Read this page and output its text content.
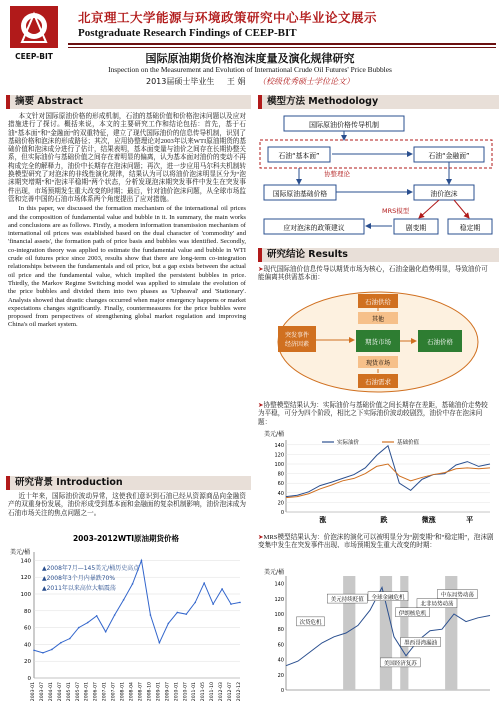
CEEP-BIT
北京理工大学能源与环境政策研究中心毕业论文展示
Postgraduate Research Findings of CEEP-BIT
国际原油期货价格泡沫度量及演化规律研究
Inspection on the Measurement and Evolution of International Crude Oil Futures' Price Bubbles
2013届硕士毕业生 王 娟 （校级优秀硕士学位论文）
摘要 Abstract

本文针对国际原油价格的形成机制，石油的基础价值和价格泡沫问题以及应对措施进行了探讨。概括来说，本文的主要研究工作和结论包括：首先，基于石油“基本面”和“金融面”的双重特征，建立了现代国际油价的信息传导机制，识别了基础价格和泡沫的形成路径；其次，应用协整理论对2003年以来WTI原油期货的基础价值和泡沫成分进行了估计，结果表明，基本面变量与油价之间存在长期协整关系，但实际油价与基础价值之间存在着明显的偏离，认为基本面对油价的变动不再构成完全的解释力，油价中长期存在泡沫问题；再次，进一步应用马尔科夫机制转换模型研究了对泡沫的非线性演化规律，结果认为可以将油价泡沫明显区分为“泡沫期突增期”和“泡沫平稳期”两个状态，分析发现泡沫期突发事件中发生在突发事件出现，市场预期发生重大改变的时期；最后，针对油价泡沫问题，从全球市场监管和完善中国的石油市场体系两个角度提出了应对措施。

In this paper, we discussed the formation mechanism of the international oil prices and the composition of fundamental value and bubble in it. In summary, the main works and conclusions are as follows. Firstly, a modern information transmission mechanism of international oil prices was established based on the dual character of 'commodity' and 'financial assets', the formation path of price basis and bubbles was identified. Secondly, co-integration theory was applied to estimate the fundamental value and bubble in WTI crude oil futures price since 2003, results show that there are long-term co-integration relationships between the fundamentals and oil price, but a gap exists between the actual oil price and the fundamental value, which implied the persistent bubbles in price. Thirdly, the Markov Regime Switching model was applied to simulate the evolution of the price bubbles and divided them into two phases as 'Upheaval' and 'Stationary'. Analysis showed that drastic changes occurred when major emergency happens or market expectations changes significantly. Finally, countermeasures for the price bubbles were proposed from perspectives of strengthening global market regulation and improving China's oil market system.

研究背景 Introduction

近十年来，国际油价波动异常，这使我们意识到石油已经从资源商品向金融资产的双重身份发展，油价形成受到基本面和金融面的复杂机制影响，油价泡沫成为石油市场关注的焦点问题之一。

2003-2012WTI原油期货价格
美元/桶
0
20
40
60
80
100
120
140
▲2008年7月—145美元/桶历史高点
▲2008年3个月内暴跌70%
▲2011年以来高位大幅震荡
2003-01 2003-07 2004-01 2004-07 2005-01 2005-07 2006-01 2006-07 2007-01 2007-07 2008-01 2008-04 2008-07 2008-10 2009-01 2009-07 2010-01 2010-07 2011-01 2011-05 2011-10 2012-03 2012-07 2012-12
模型方法 Methodology
国际原油价格传导机制
石油“基本面”	石油“金融面”
协整理论
国际原油基础价格	油价泡沫
MRS模型
剧变期	稳定期
应对泡沫的政策建议
研究结论 Results
➤现代国际油价信息传导以期货市场为核心，石油金融化趋势明显，导致油价可能偏离其供需基本面：
石油供给
突发事件
经济因素	期货市场	石油价格
石油需求
其他
现货市场
➤协整模型结果认为：实际油价与基础价值之间长期存在差距，基础油价走势较为平稳，可分为四个阶段，相比之下实际油价波动较剧烈，油价中存在泡沫问题：
美元/桶
0
20
40
60
80
100
120
140	实际油价	基础价值
涨	跌	微涨	平
➤MRS模型结果认为：价泡沫的演化可以被明显分为“剧变期”和“稳定期”，泡沫剧变集中发生在突发事件出现、市场预期发生重大改变的时期：
美元/桶
0
20
40
60
80
100
120
140
美元持续贬值 全球金融危机
伊朗核危机
北非局势动荡
中东局势动荡
次贷危机
美国经济复苏
墨西哥湾漏油
